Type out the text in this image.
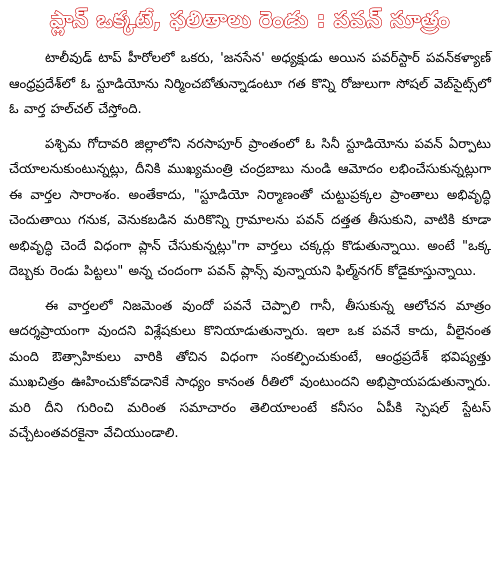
ప్లాన్ ఒక్కటే, ఫలితాలు రెండు : పవన్ సూత్రం

టాలీవుడ్ టాప్ హీరోలలో ఒకరు, 'జనసేన' అధ్యక్షుడు అయిన పవర్‌స్టార్ పవన్‌కళ్యాణ్ ఆంధ్రప్రదేశ్‌లో ఓ స్టూడియోను నిర్మించబోతున్నాడంటూ గత కొన్ని రోజులుగా సోషల్ వెబ్‌సైట్స్‌లో ఓ వార్త హల్‌చల్ చేస్తోంది.

పశ్చిమ గోదావరి జిల్లాలోని నరసాపూర్ ప్రాంతంలో ఓ సినీ స్టూడియోను పవన్ ఏర్పాటు చేయాలనుకుంటున్నట్లు, దీనికి ముఖ్యమంత్రి చంద్రబాబు నుండి ఆమోదం లభించేసుకున్నట్లుగా ఈ వార్తల సారాంశం. అంతేకాదు, "స్టూడియో నిర్మాణంతో చుట్టుప్రక్కల ప్రాంతాలు అభివృద్ధి చెందుతాయి గనుక, వెనుకబడిన మరికొన్ని గ్రామాలను పవన్ దత్తత తీసుకుని, వాటికి కూడా అభివృద్ధి చెందే విధంగా ప్లాన్ చేసుకున్నట్లు"గా వార్తలు చక్కర్లు కొడుతున్నాయి. అంటే "ఒక్క దెబ్బకు రెండు పిట్టలు" అన్న చందంగా పవన్ ప్లాన్స్ వున్నాయని ఫిల్మ్‌నగర్ కోడైకూస్తున్నాయి.

ఈ వార్తలలో నిజమెంత వుందో పవనే చెప్పాలి గానీ, తీసుకున్న ఆలోచన మాత్రం ఆదర్శప్రాయంగా వుందని విశ్లేషకులు కొనియాడుతున్నారు. ఇలా ఒక పవనే కాదు, వీలైనంత మంది ఔత్సాహికులు వారికి తోచిన విధంగా సంకల్పించుకుంటే, ఆంధ్రప్రదేశ్ భవిష్యత్తు ముఖచిత్రం ఊహించుకోవడానికే సాధ్యం కానంత రీతిలో వుంటుందని అభిప్రాయపడుతున్నారు. మరి దీని గురించి మరింత సమాచారం తెలియాలంటే కనీసం ఏపీకి స్పెషల్ స్టేటస్ వచ్చేటంతవరకైనా వేచియుండాలి.
